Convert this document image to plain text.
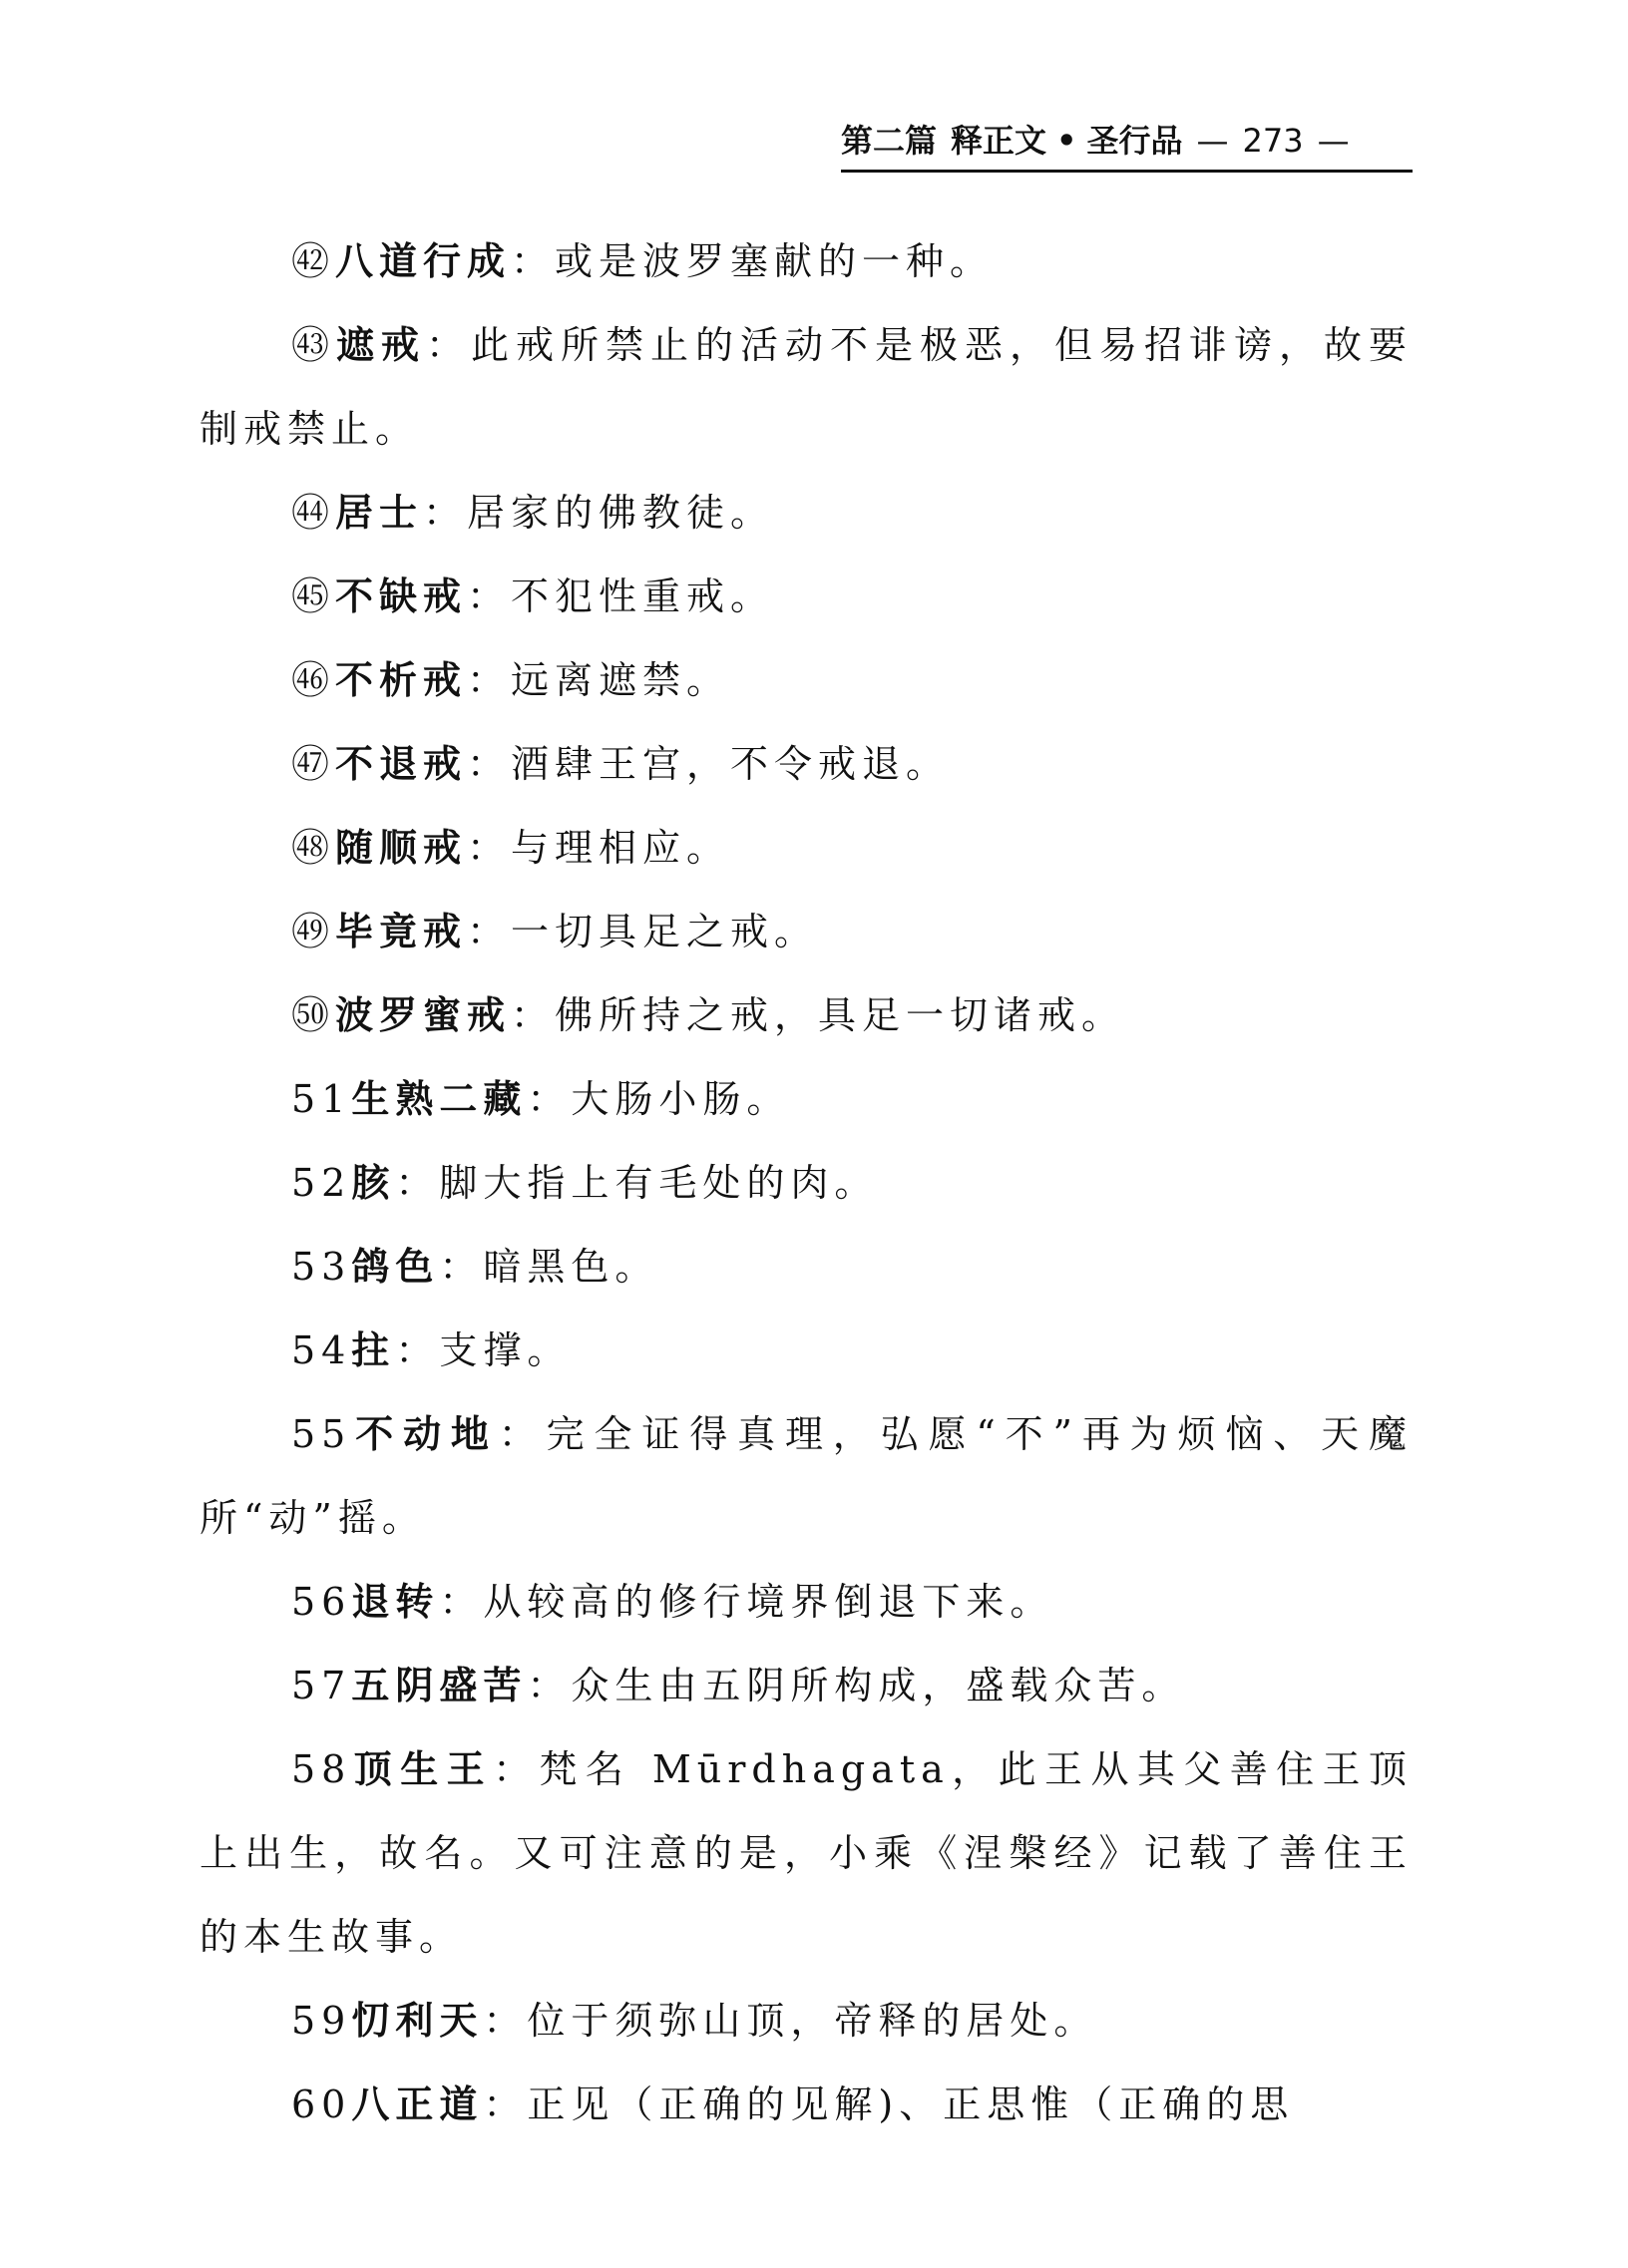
第二篇 释正文 • 圣行品 — 273 —

㊷八道行成：或是波罗塞献的一种。

㊸遮戒：此戒所禁止的活动不是极恶，但易招诽谤，故要制戒禁止。

㊹居士：居家的佛教徒。

㊺不缺戒：不犯性重戒。

㊻不析戒：远离遮禁。

㊼不退戒：酒肆王宫，不令戒退。

㊽随顺戒：与理相应。

㊾毕竟戒：一切具足之戒。

㊿波罗蜜戒：佛所持之戒，具足一切诸戒。

51生熟二藏：大肠小肠。

52胲：脚大指上有毛处的肉。

53鸽色：暗黑色。

54拄：支撑。

55不动地：完全证得真理，弘愿“不”再为烦恼、天魔所“动”摇。

56退转：从较高的修行境界倒退下来。

57五阴盛苦：众生由五阴所构成，盛载众苦。

58顶生王：梵名 Mūrdhagata，此王从其父善住王顶上出生，故名。又可注意的是，小乘《涅槃经》记载了善住王的本生故事。

59忉利天：位于须弥山顶，帝释的居处。

60八正道：正见（正确的见解)、正思惟（正确的思
